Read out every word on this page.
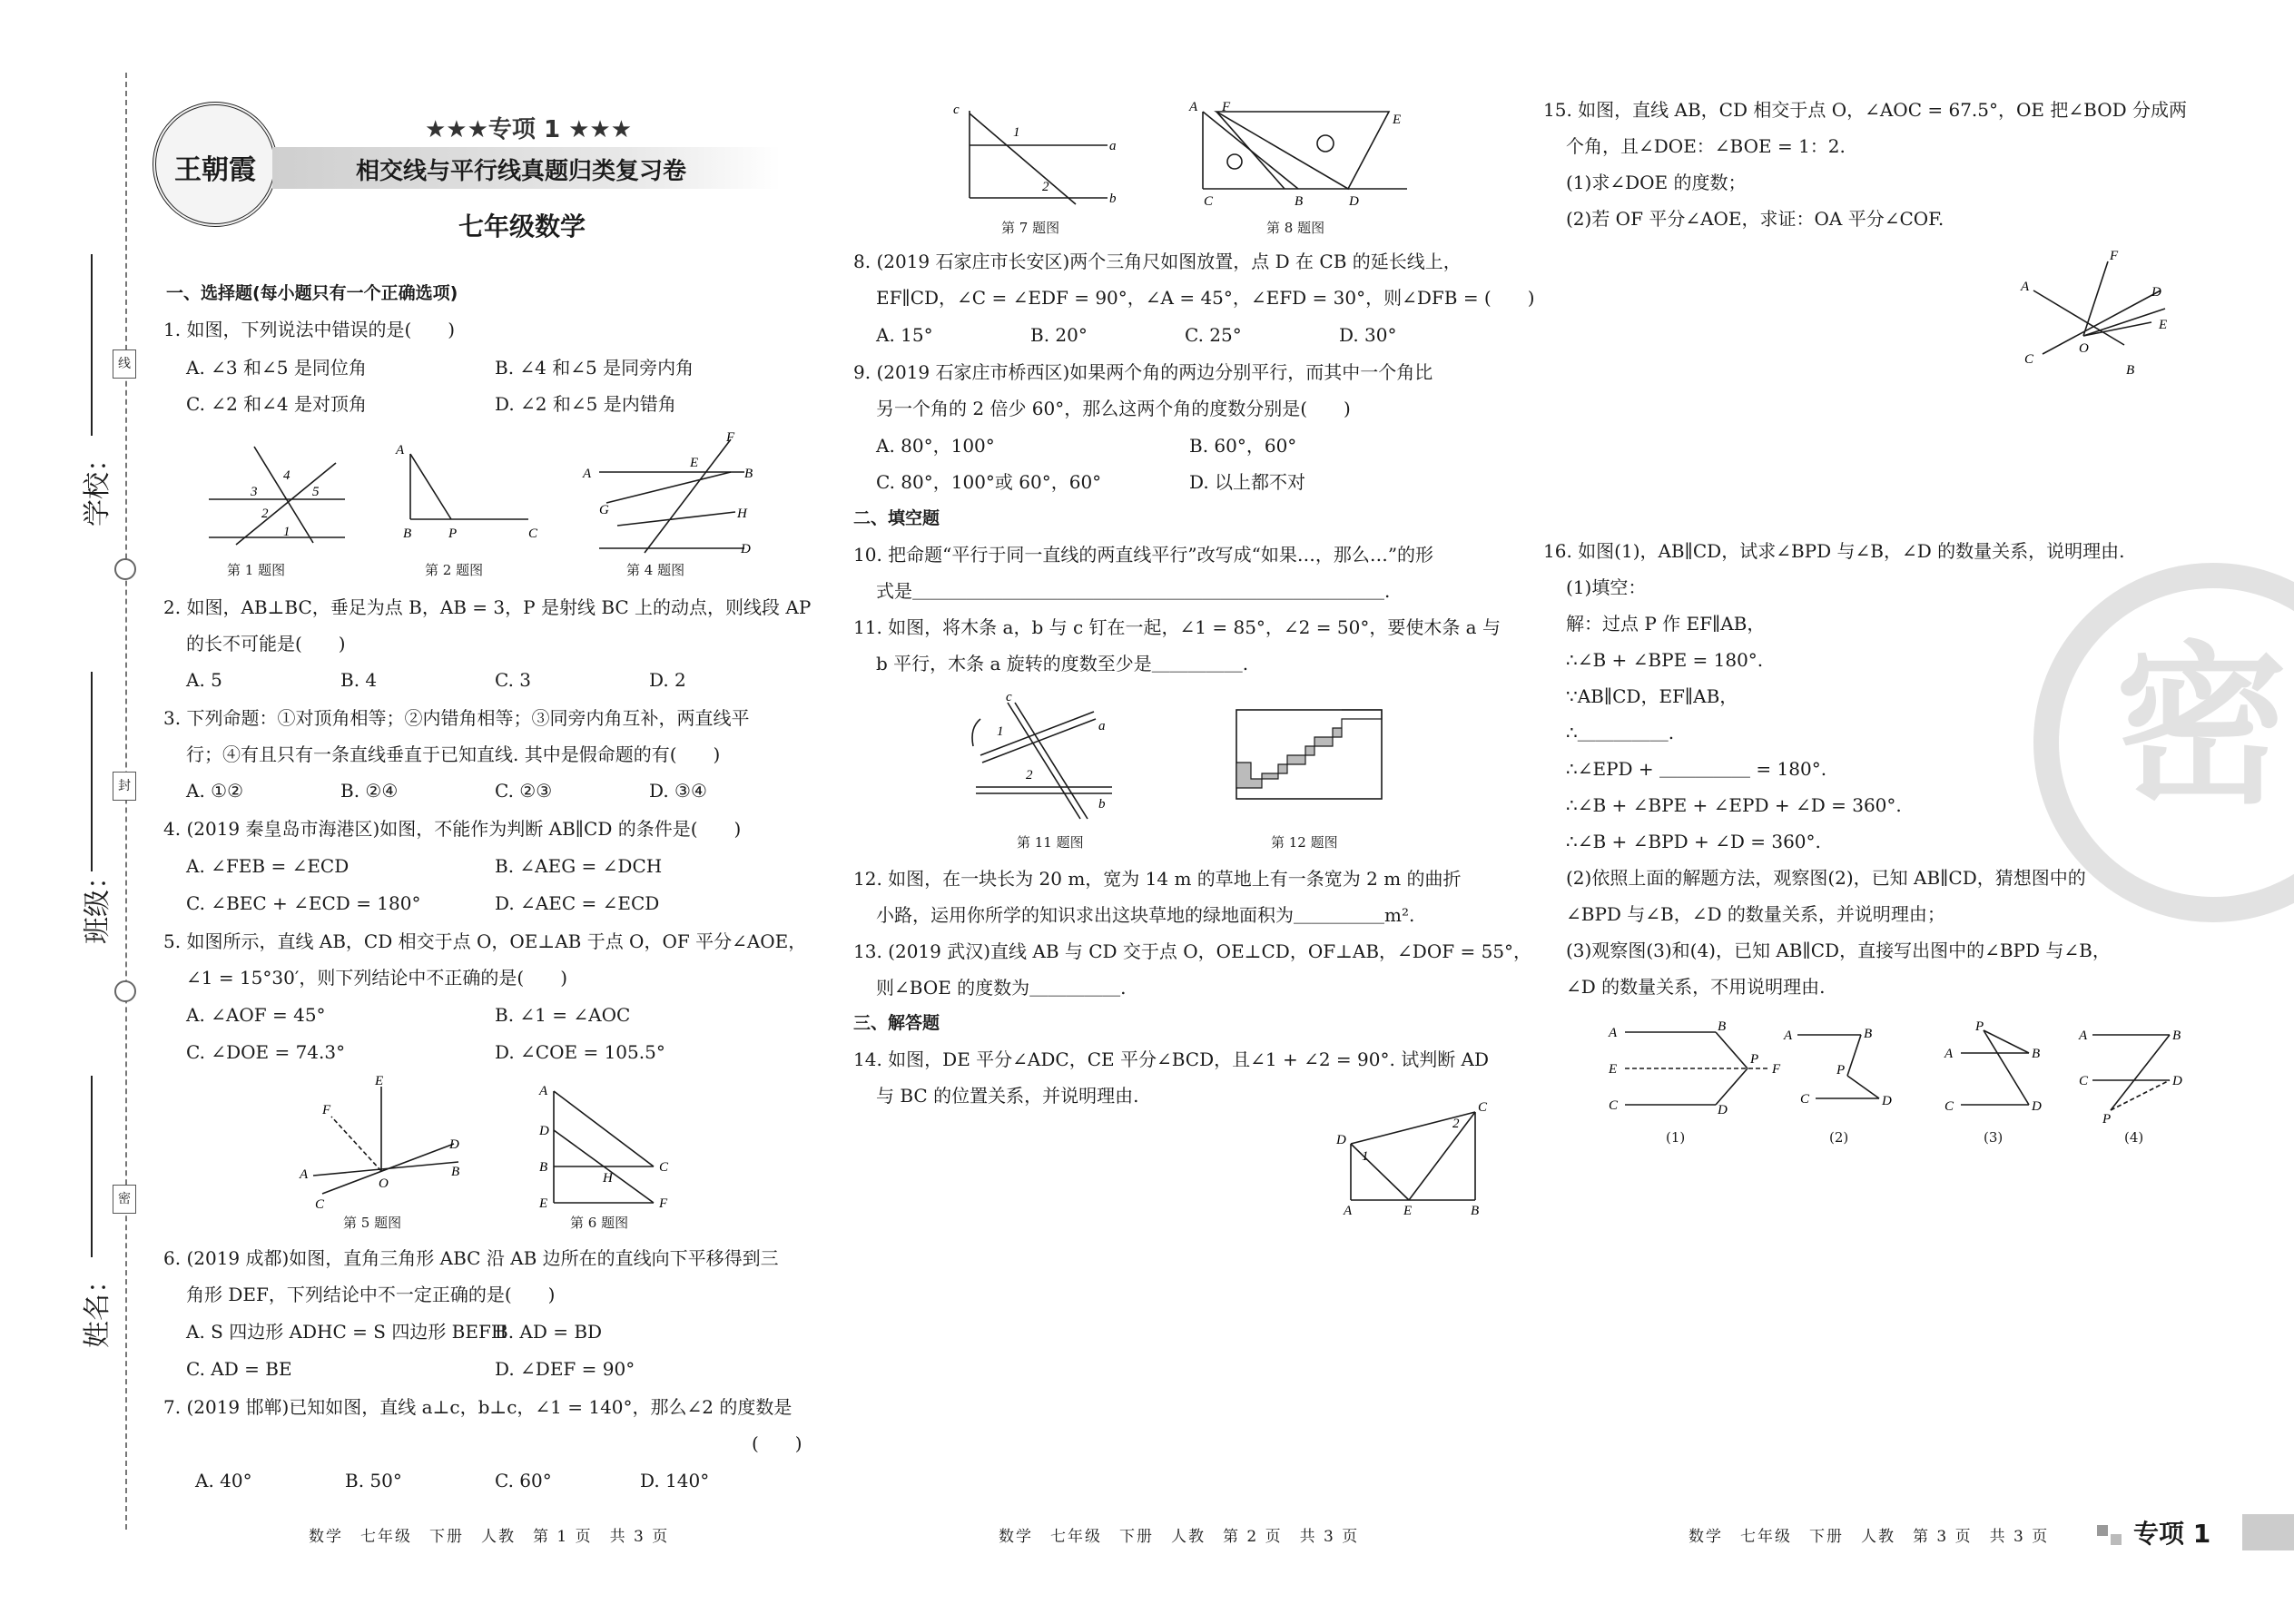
线
封
密
学校：
班级：
姓名：
王朝霞
★★★专项 1 ★★★
相交线与平行线真题归类复习卷
七年级数学
一、选择题(每小题只有一个正确选项)
1. 如图，下列说法中错误的是(　　)
A. ∠3 和∠5 是同位角	B. ∠4 和∠5 是同旁内角
C. ∠2 和∠4 是对顶角	D. ∠2 和∠5 是内错角
3
4
5
2
1
第 1 题图
A
B	P	C
第 2 题图
A	B
E
F
G	H
D
第 4 题图
2. 如图，AB⊥BC，垂足为点 B，AB = 3，P 是射线 BC 上的动点，则线段 AP
的长不可能是(　　)
A. 5	B. 4	C. 3	D. 2
3. 下列命题：①对顶角相等；②内错角相等；③同旁内角互补，两直线平
行；④有且只有一条直线垂直于已知直线. 其中是假命题的有(　　)
A. ①②	B. ②④	C. ②③	D. ③④
4. (2019 秦皇岛市海港区)如图，不能作为判断 AB∥CD 的条件是(　　)
A. ∠FEB = ∠ECD	B. ∠AEG = ∠DCH
C. ∠BEC + ∠ECD = 180°	D. ∠AEC = ∠ECD
5. 如图所示，直线 AB，CD 相交于点 O，OE⊥AB 于点 O，OF 平分∠AOE，
∠1 = 15°30′，则下列结论中不正确的是(　　)
A. ∠AOF = 45°	B. ∠1 = ∠AOC
C. ∠DOE = 74.3°	D. ∠COE = 105.5°
E
F
A
D
B
C
O
第 5 题图
A
D
B
E
C
F
H
第 6 题图
6. (2019 成都)如图，直角三角形 ABC 沿 AB 边所在的直线向下平移得到三
角形 DEF，下列结论中不一定正确的是(　　)
A. S 四边形 ADHC = S 四边形 BEFH
B. AD = BD
C. AD = BE	D. ∠DEF = 90°
7. (2019 邯郸)已知如图，直线 a⊥c，b⊥c，∠1 = 140°，那么∠2 的度数是
(　　)
A. 40°	B. 50°	C. 60°	D. 140°
数学　七年级　下册　人教　第 1 页　共 3 页
c
a
b
1
2
第 7 题图
A F
E
C	B	D
第 8 题图
8. (2019 石家庄市长安区)两个三角尺如图放置，点 D 在 CB 的延长线上，
EF∥CD，∠C = ∠EDF = 90°，∠A = 45°，∠EFD = 30°，则∠DFB = (　　)
A. 15°	B. 20°	C. 25°	D. 30°
9. (2019 石家庄市桥西区)如果两个角的两边分别平行，而其中一个角比
另一个角的 2 倍少 60°，那么这两个角的度数分别是(　　)
A. 80°，100°	B. 60°，60°
C. 80°，100°或 60°，60°	D. 以上都不对
二、填空题
10. 把命题“平行于同一直线的两直线平行”改写成“如果…，那么…”的形
式是＿＿＿＿＿＿＿＿＿＿＿＿＿＿＿＿＿＿＿＿＿＿＿＿＿＿.
11. 如图，将木条 a，b 与 c 钉在一起，∠1 = 85°，∠2 = 50°，要使木条 a 与
b 平行，木条 a 旋转的度数至少是＿＿＿＿＿.
c
1
2
a
b
第 11 题图	第 12 题图
12. 如图，在一块长为 20 m，宽为 14 m 的草地上有一条宽为 2 m 的曲折
小路，运用你所学的知识求出这块草地的绿地面积为＿＿＿＿＿m².
13. (2019 武汉)直线 AB 与 CD 交于点 O，OE⊥CD，OF⊥AB，∠DOF = 55°，
则∠BOE 的度数为＿＿＿＿＿.
三、解答题
14. 如图，DE 平分∠ADC，CE 平分∠BCD，且∠1 + ∠2 = 90°. 试判断 AD
与 BC 的位置关系，并说明理由.
D
C
1
2
A	E	B
数学　七年级　下册　人教　第 2 页　共 3 页
15. 如图，直线 AB，CD 相交于点 O，∠AOC = 67.5°，OE 把∠BOD 分成两
个角，且∠DOE：∠BOE = 1：2.
(1)求∠DOE 的度数；
(2)若 OF 平分∠AOE，求证：OA 平分∠COF.
A
F
D
E
O
C
B
密
16. 如图(1)，AB∥CD，试求∠BPD 与∠B，∠D 的数量关系，说明理由.
(1)填空：
解：过点 P 作 EF∥AB，
∴∠B + ∠BPE = 180°.
∵AB∥CD，EF∥AB，
∴＿＿＿＿＿.
∴∠EPD + ＿＿＿＿＿ = 180°.
∴∠B + ∠BPE + ∠EPD + ∠D = 360°.
∴∠B + ∠BPD + ∠D = 360°.
(2)依照上面的解题方法，观察图(2)，已知 AB∥CD，猜想图中的
∠BPD 与∠B，∠D 的数量关系，并说明理由；
(3)观察图(3)和(4)，已知 AB∥CD，直接写出图中的∠BPD 与∠B，
∠D 的数量关系，不用说明理由.
A	B
E
P
F
C	D
A	B
P
C	D
A	B
P
C	D
A	B
C	D
P
(1)	(2)	(3)	(4)
数学　七年级　下册　人教　第 3 页　共 3 页	专项 1
